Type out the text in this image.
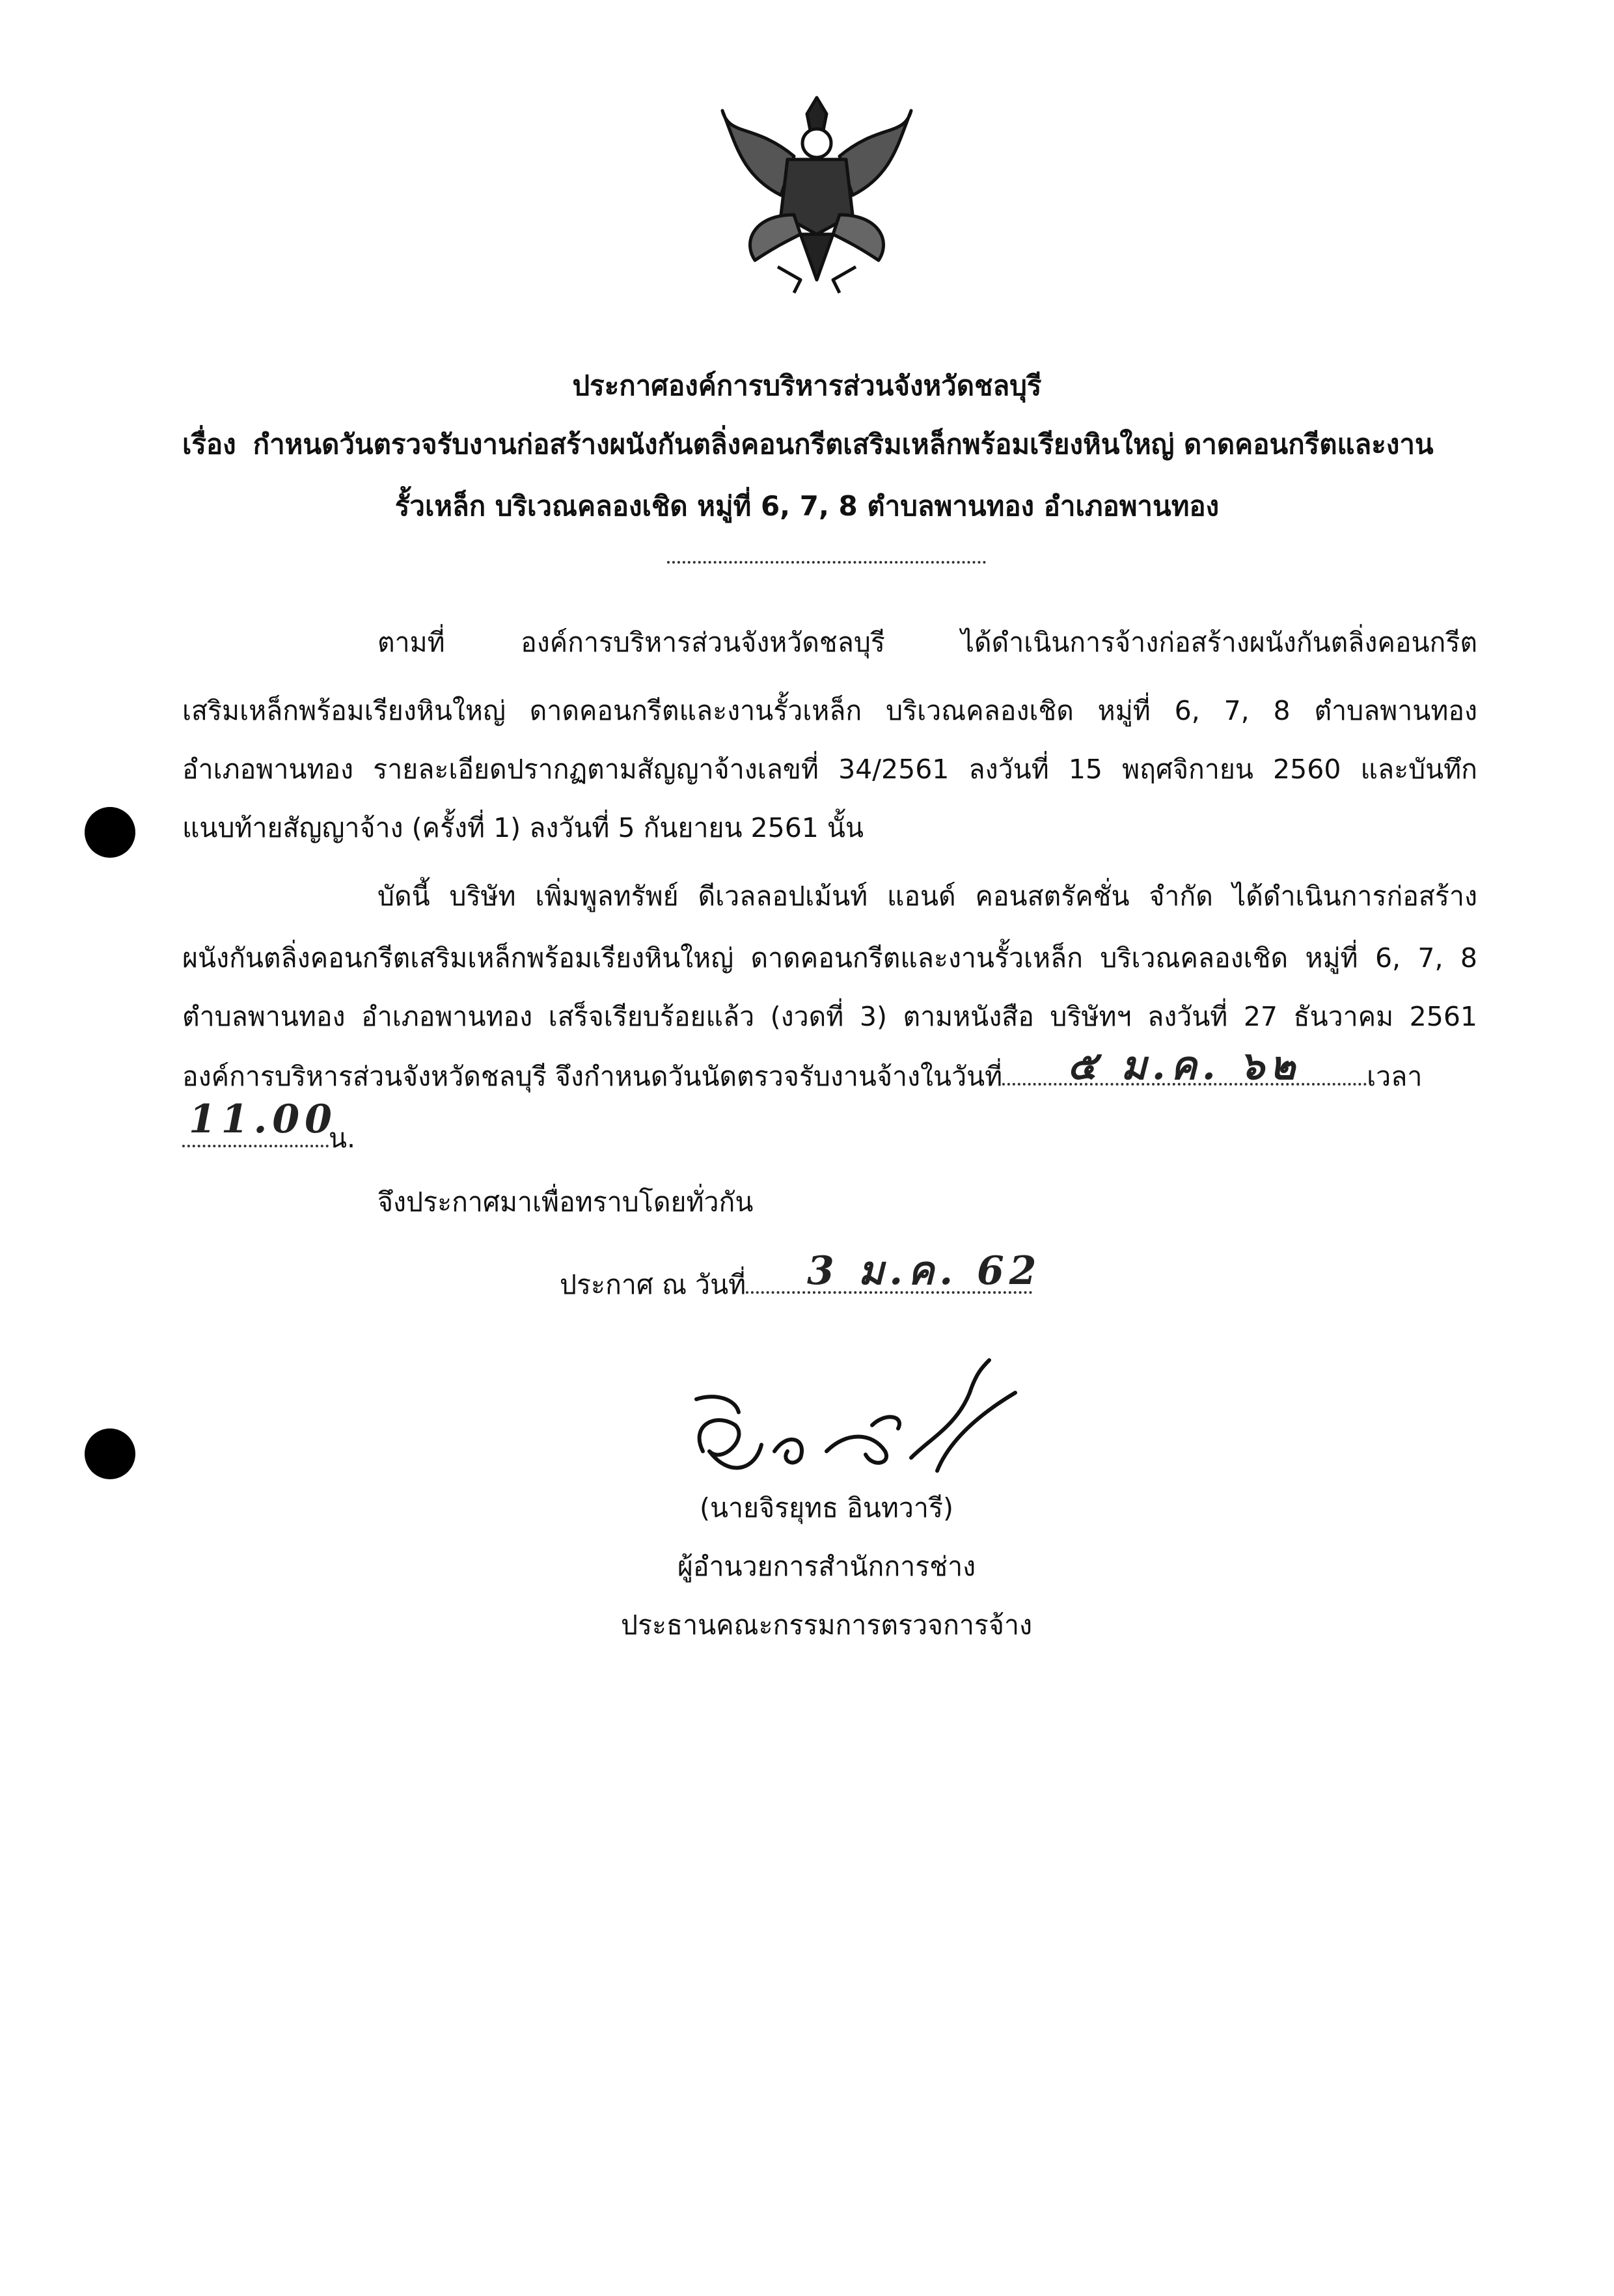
ประกาศองค์การบริหารส่วนจังหวัดชลบุรี
เรื่อง กำหนดวันตรวจรับงานก่อสร้างผนังกันตลิ่งคอนกรีตเสริมเหล็กพร้อมเรียงหินใหญ่ ดาดคอนกรีตและงาน
รั้วเหล็ก บริเวณคลองเชิด หมู่ที่ 6, 7, 8 ตำบลพานทอง อำเภอพานทอง
ตามที่ องค์การบริหารส่วนจังหวัดชลบุรี ได้ดำเนินการจ้างก่อสร้างผนังกันตลิ่งคอนกรีต
เสริมเหล็กพร้อมเรียงหินใหญ่ ดาดคอนกรีตและงานรั้วเหล็ก บริเวณคลองเชิด หมู่ที่ 6, 7, 8 ตำบลพานทอง
อำเภอพานทอง รายละเอียดปรากฏตามสัญญาจ้างเลขที่ 34/2561 ลงวันที่ 15 พฤศจิกายน 2560 และบันทึก
แนบท้ายสัญญาจ้าง (ครั้งที่ 1) ลงวันที่ 5 กันยายน 2561 นั้น
บัดนี้ บริษัท เพิ่มพูลทรัพย์ ดีเวลลอปเม้นท์ แอนด์ คอนสตรัคชั่น จำกัด ได้ดำเนินการก่อสร้าง
ผนังกันตลิ่งคอนกรีตเสริมเหล็กพร้อมเรียงหินใหญ่ ดาดคอนกรีตและงานรั้วเหล็ก บริเวณคลองเชิด หมู่ที่ 6, 7, 8
ตำบลพานทอง อำเภอพานทอง เสร็จเรียบร้อยแล้ว (งวดที่ 3) ตามหนังสือ บริษัทฯ ลงวันที่ 27 ธันวาคม 2561
องค์การบริหารส่วนจังหวัดชลบุรี จึงกำหนดวันนัดตรวจรับงานจ้างในวันที่	เวลา
๕ ม.ค. ๖๒
น.
11.00
จึงประกาศมาเพื่อทราบโดยทั่วกัน
ประกาศ ณ วันที่	3 ม.ค. 62
(นายจิรยุทธ อินทวารี)
ผู้อำนวยการสำนักการช่าง
ประธานคณะกรรมการตรวจการจ้าง
